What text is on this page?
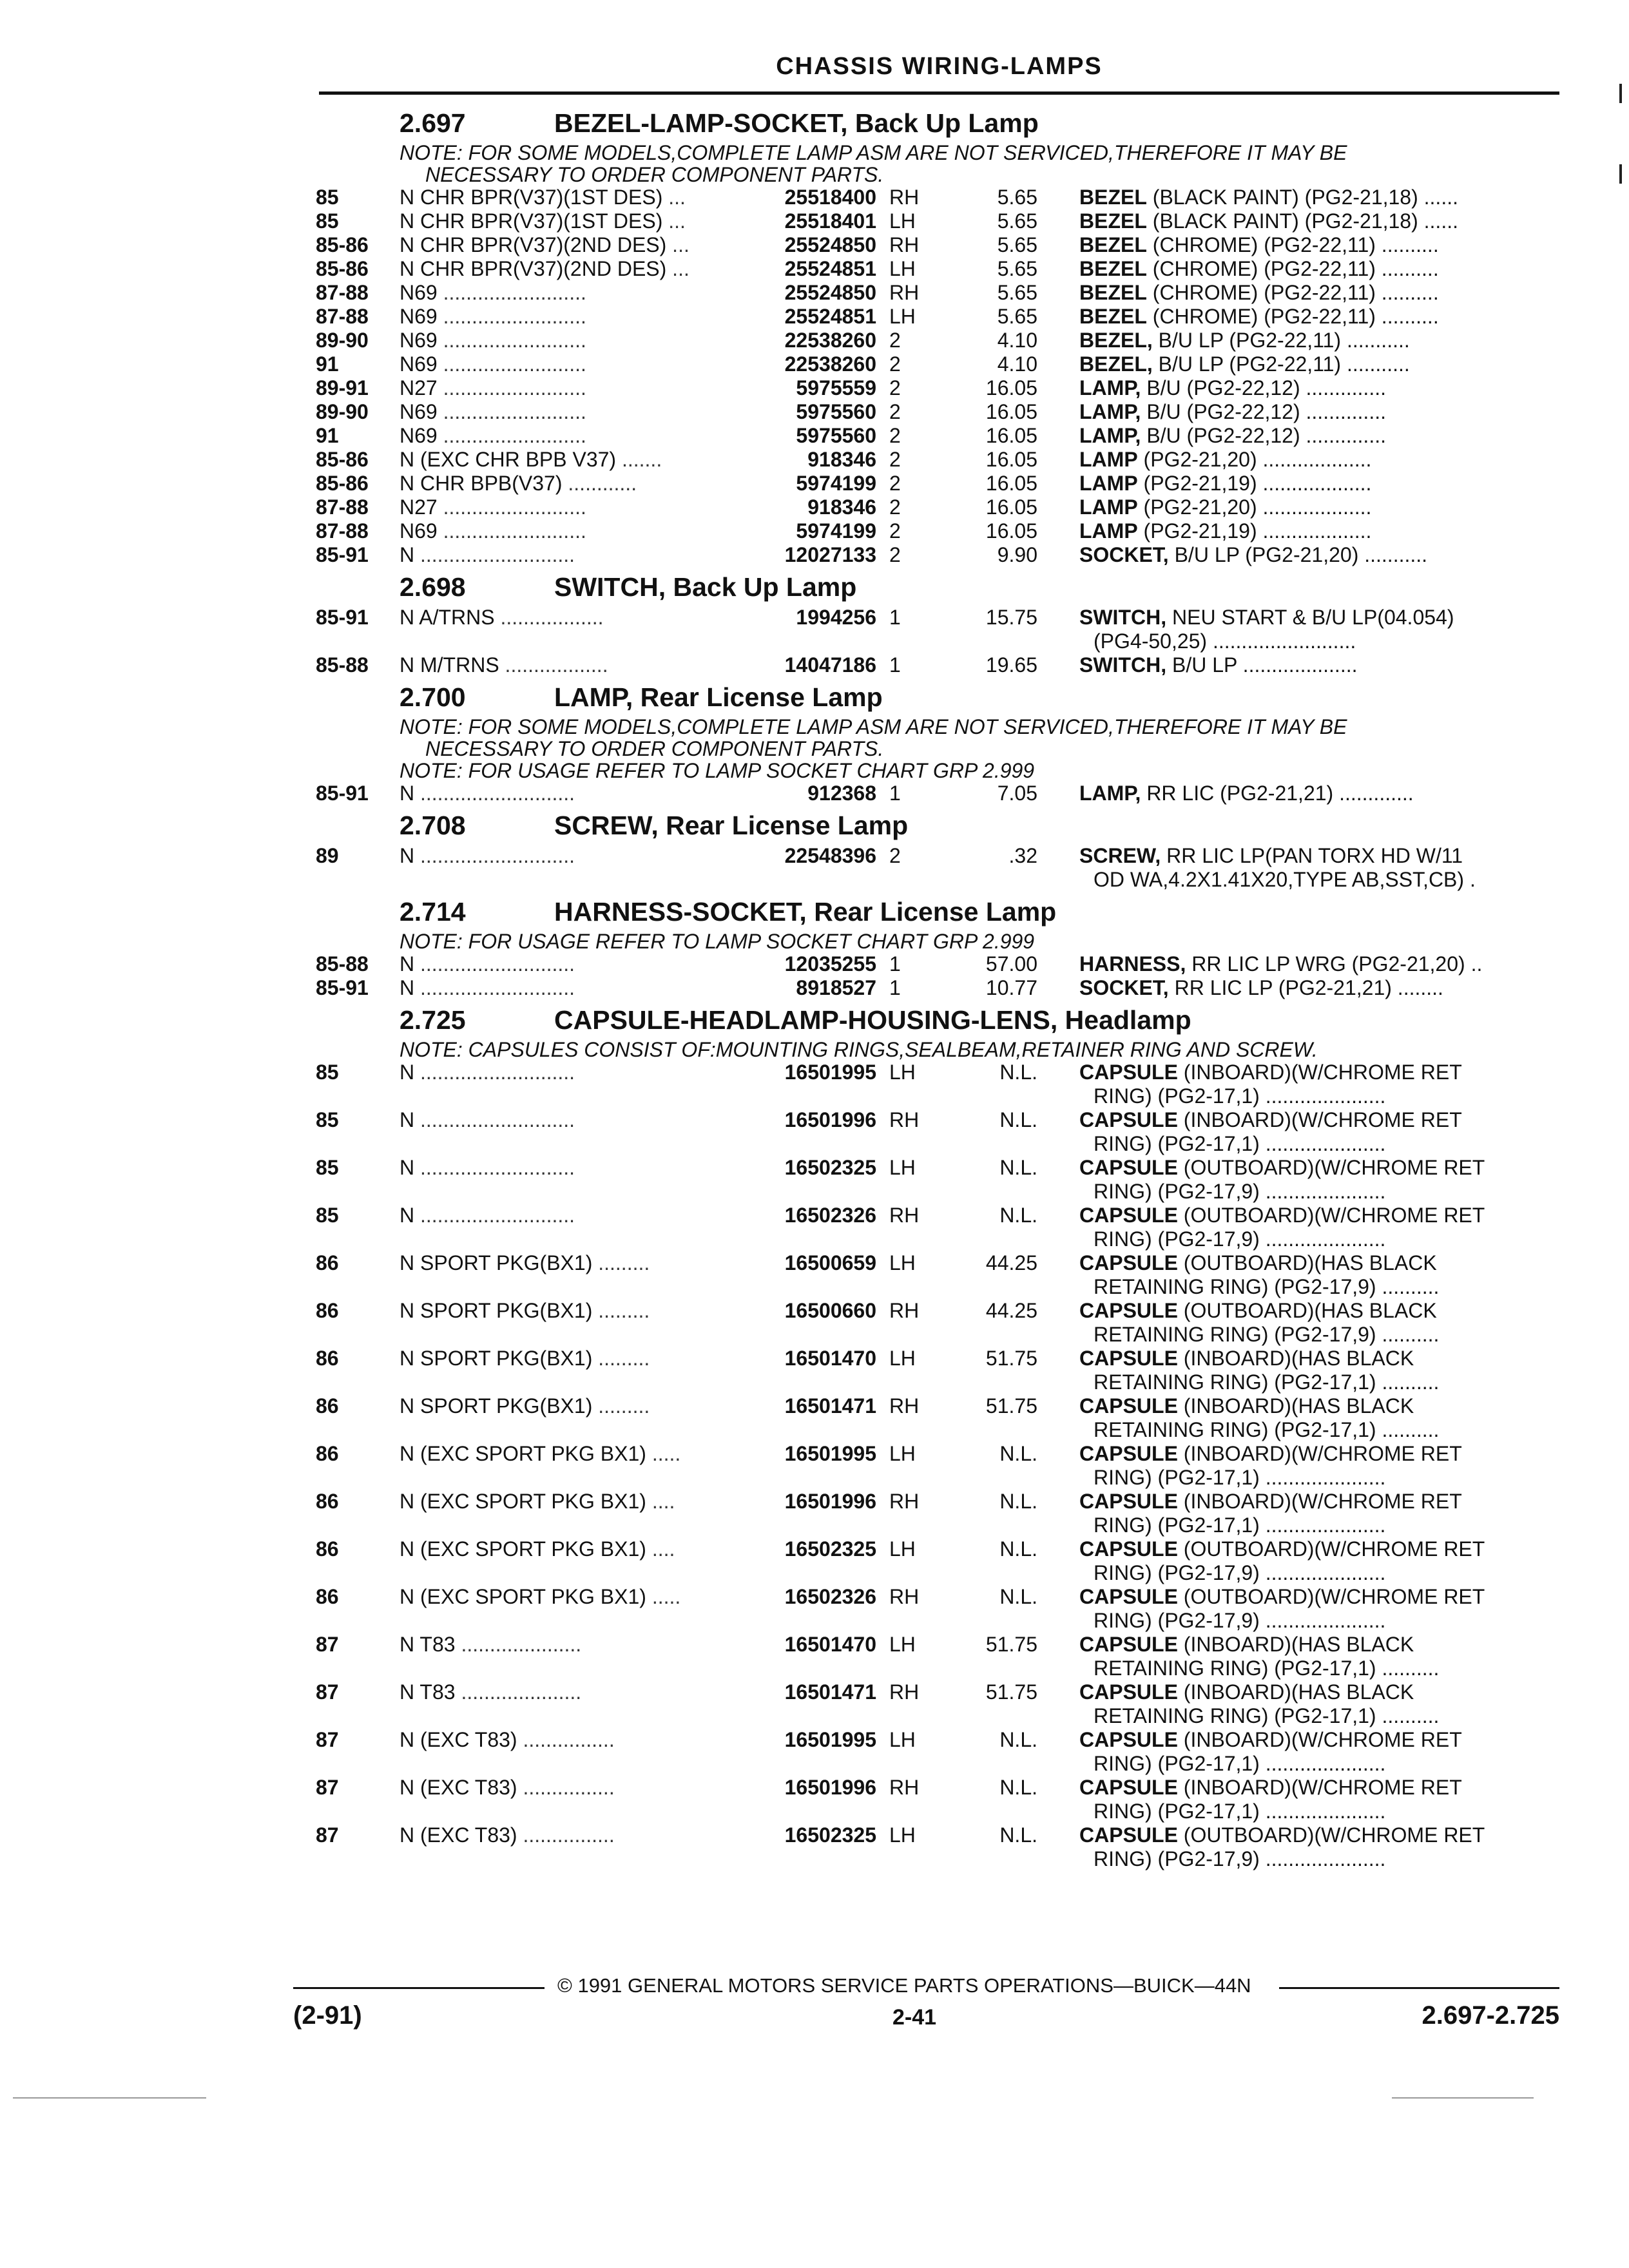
CHASSIS WIRING-LAMPS
2.697	BEZEL-LAMP-SOCKET, Back Up Lamp
NOTE: FOR SOME MODELS,COMPLETE LAMP ASM ARE NOT SERVICED,THEREFORE IT MAY BE
NECESSARY TO ORDER COMPONENT PARTS.
85	N CHR BPR(V37)(1ST DES) ...	25518400 RH	5.65 BEZEL (BLACK PAINT) (PG2-21,18) ......
85	N CHR BPR(V37)(1ST DES) ...	25518401 LH	5.65 BEZEL (BLACK PAINT) (PG2-21,18) ......
85-86	N CHR BPR(V37)(2ND DES) ...	25524850 RH	5.65 BEZEL (CHROME) (PG2-22,11) ..........
85-86	N CHR BPR(V37)(2ND DES) ...	25524851 LH	5.65 BEZEL (CHROME) (PG2-22,11) ..........
87-88	N69 .........................	25524850 RH	5.65 BEZEL (CHROME) (PG2-22,11) ..........
87-88	N69 .........................	25524851 LH	5.65 BEZEL (CHROME) (PG2-22,11) ..........
89-90	N69 .........................	22538260 2	4.10 BEZEL, B/U LP (PG2-22,11) ...........
91	N69 .........................	22538260 2	4.10 BEZEL, B/U LP (PG2-22,11) ...........
89-91	N27 .........................	5975559 2	16.05 LAMP, B/U (PG2-22,12) ..............
89-90	N69 .........................	5975560 2	16.05 LAMP, B/U (PG2-22,12) ..............
91	N69 .........................	5975560 2	16.05 LAMP, B/U (PG2-22,12) ..............
85-86	N (EXC CHR BPB V37) .......	918346 2	16.05 LAMP (PG2-21,20) ...................
85-86	N CHR BPB(V37) ............	5974199 2	16.05 LAMP (PG2-21,19) ...................
87-88	N27 .........................	918346 2	16.05 LAMP (PG2-21,20) ...................
87-88	N69 .........................	5974199 2	16.05 LAMP (PG2-21,19) ...................
85-91	N ...........................	12027133 2	9.90 SOCKET, B/U LP (PG2-21,20) ...........
2.698	SWITCH, Back Up Lamp
85-91	N A/TRNS ..................	1994256 1	15.75 SWITCH, NEU START & B/U LP(04.054)
(PG4-50,25) .........................
85-88	N M/TRNS ..................	14047186 1	19.65 SWITCH, B/U LP ....................
2.700	LAMP, Rear License Lamp
NOTE: FOR SOME MODELS,COMPLETE LAMP ASM ARE NOT SERVICED,THEREFORE IT MAY BE
NECESSARY TO ORDER COMPONENT PARTS.
NOTE: FOR USAGE REFER TO LAMP SOCKET CHART GRP 2.999
85-91	N ...........................	912368 1	7.05 LAMP, RR LIC (PG2-21,21) .............
2.708	SCREW, Rear License Lamp
89	N ...........................	22548396 2	.32 SCREW, RR LIC LP(PAN TORX HD W/11
OD WA,4.2X1.41X20,TYPE AB,SST,CB) .
2.714	HARNESS-SOCKET, Rear License Lamp
NOTE: FOR USAGE REFER TO LAMP SOCKET CHART GRP 2.999
85-88	N ...........................	12035255 1	57.00 HARNESS, RR LIC LP WRG (PG2-21,20) ..
85-91	N ...........................	8918527 1	10.77 SOCKET, RR LIC LP (PG2-21,21) ........
2.725	CAPSULE-HEADLAMP-HOUSING-LENS, Headlamp
NOTE: CAPSULES CONSIST OF:MOUNTING RINGS,SEALBEAM,RETAINER RING AND SCREW.
85	N ...........................	16501995 LH	N.L. CAPSULE (INBOARD)(W/CHROME RET
RING) (PG2-17,1) .....................
85	N ...........................	16501996 RH	N.L. CAPSULE (INBOARD)(W/CHROME RET
RING) (PG2-17,1) .....................
85	N ...........................	16502325 LH	N.L. CAPSULE (OUTBOARD)(W/CHROME RET
RING) (PG2-17,9) .....................
85	N ...........................	16502326 RH	N.L. CAPSULE (OUTBOARD)(W/CHROME RET
RING) (PG2-17,9) .....................
86	N SPORT PKG(BX1) .........	16500659 LH	44.25 CAPSULE (OUTBOARD)(HAS BLACK
RETAINING RING) (PG2-17,9) ..........
86	N SPORT PKG(BX1) .........	16500660 RH	44.25 CAPSULE (OUTBOARD)(HAS BLACK
RETAINING RING) (PG2-17,9) ..........
86	N SPORT PKG(BX1) .........	16501470 LH	51.75 CAPSULE (INBOARD)(HAS BLACK
RETAINING RING) (PG2-17,1) ..........
86	N SPORT PKG(BX1) .........	16501471 RH	51.75 CAPSULE (INBOARD)(HAS BLACK
RETAINING RING) (PG2-17,1) ..........
86	N (EXC SPORT PKG BX1) .....	16501995 LH	N.L. CAPSULE (INBOARD)(W/CHROME RET
RING) (PG2-17,1) .....................
86	N (EXC SPORT PKG BX1) ....	16501996 RH	N.L. CAPSULE (INBOARD)(W/CHROME RET
RING) (PG2-17,1) .....................
86	N (EXC SPORT PKG BX1) ....	16502325 LH	N.L. CAPSULE (OUTBOARD)(W/CHROME RET
RING) (PG2-17,9) .....................
86	N (EXC SPORT PKG BX1) .....	16502326 RH	N.L. CAPSULE (OUTBOARD)(W/CHROME RET
RING) (PG2-17,9) .....................
87	N T83 .....................	16501470 LH	51.75 CAPSULE (INBOARD)(HAS BLACK
RETAINING RING) (PG2-17,1) ..........
87	N T83 .....................	16501471 RH	51.75 CAPSULE (INBOARD)(HAS BLACK
RETAINING RING) (PG2-17,1) ..........
87	N (EXC T83) ................	16501995 LH	N.L. CAPSULE (INBOARD)(W/CHROME RET
RING) (PG2-17,1) .....................
87	N (EXC T83) ................	16501996 RH	N.L. CAPSULE (INBOARD)(W/CHROME RET
RING) (PG2-17,1) .....................
87	N (EXC T83) ................	16502325 LH	N.L. CAPSULE (OUTBOARD)(W/CHROME RET
RING) (PG2-17,9) .....................
© 1991 GENERAL MOTORS SERVICE PARTS OPERATIONS—BUICK—44N
(2-91)	2-41	2.697-2.725
